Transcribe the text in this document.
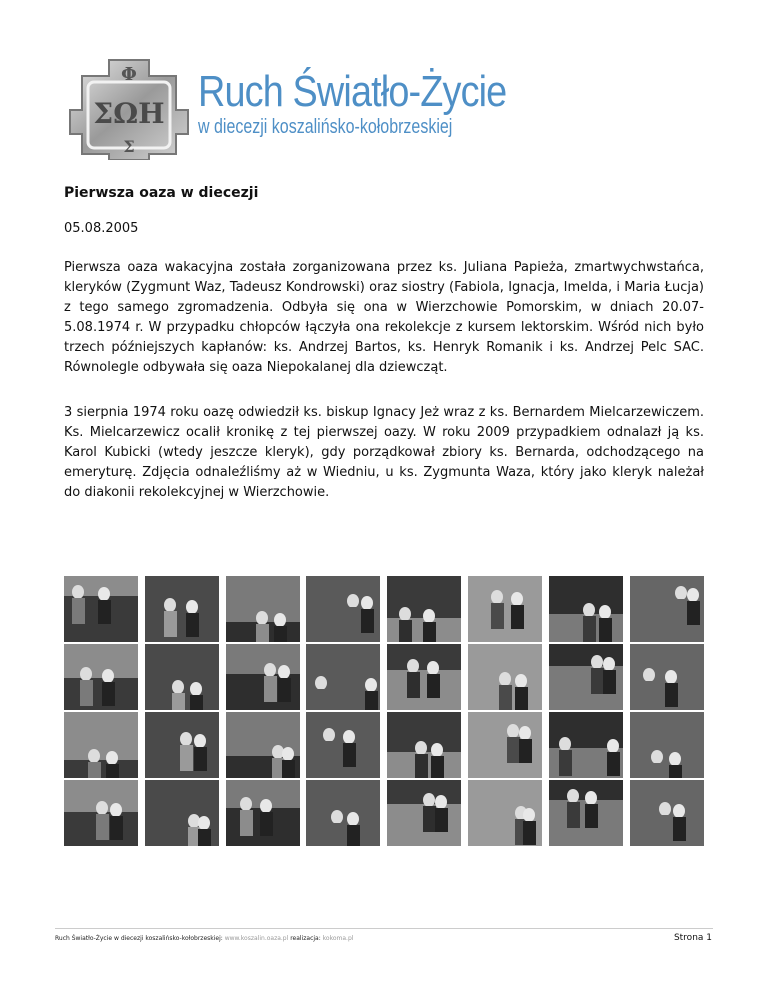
Φ
ΣΩΗ
Σ
Ruch Światło-Życie
w diecezji koszalińsko-kołobrzeskiej
Pierwsza oaza w diecezji
05.08.2005

Pierwsza oaza wakacyjna została zorganizowana przez ks. Juliana Papieża, zmartwychwstańca, kleryków (Zygmunt Waz, Tadeusz Kondrowski) oraz siostry (Fabiola, Ignacja, Imelda, i Maria Łucja) z tego samego zgromadzenia. Odbyła się ona w Wierzchowie Pomorskim, w dniach 20.07-5.08.1974 r. W przypadku chłopców łączyła ona rekolekcje z kursem lektorskim. Wśród nich było trzech późniejszych kapłanów: ks. Andrzej Bartos, ks. Henryk Romanik i ks. Andrzej Pelc SAC. Równolegle odbywała się oaza Niepokalanej dla dziewcząt.

3 sierpnia 1974 roku oazę odwiedził ks. biskup Ignacy Jeż wraz z ks. Bernardem Mielcarzewiczem. Ks. Mielcarzewicz ocalił kronikę z tej pierwszej oazy. W roku 2009 przypadkiem odnalazł ją ks. Karol Kubicki (wtedy jeszcze kleryk), gdy porządkował zbiory ks. Bernarda, odchodzącego na emeryturę. Zdjęcia odnaleźliśmy aż w Wiedniu, u ks. Zygmunta Waza, który jako kleryk należał do diakonii rekolekcyjnej w Wierzchowie.

Ruch Światło-Życie w diecezji koszalińsko-kołobrzeskiej: www.koszalin.oaza.pl realizacja: kokoma.pl	Strona 1
